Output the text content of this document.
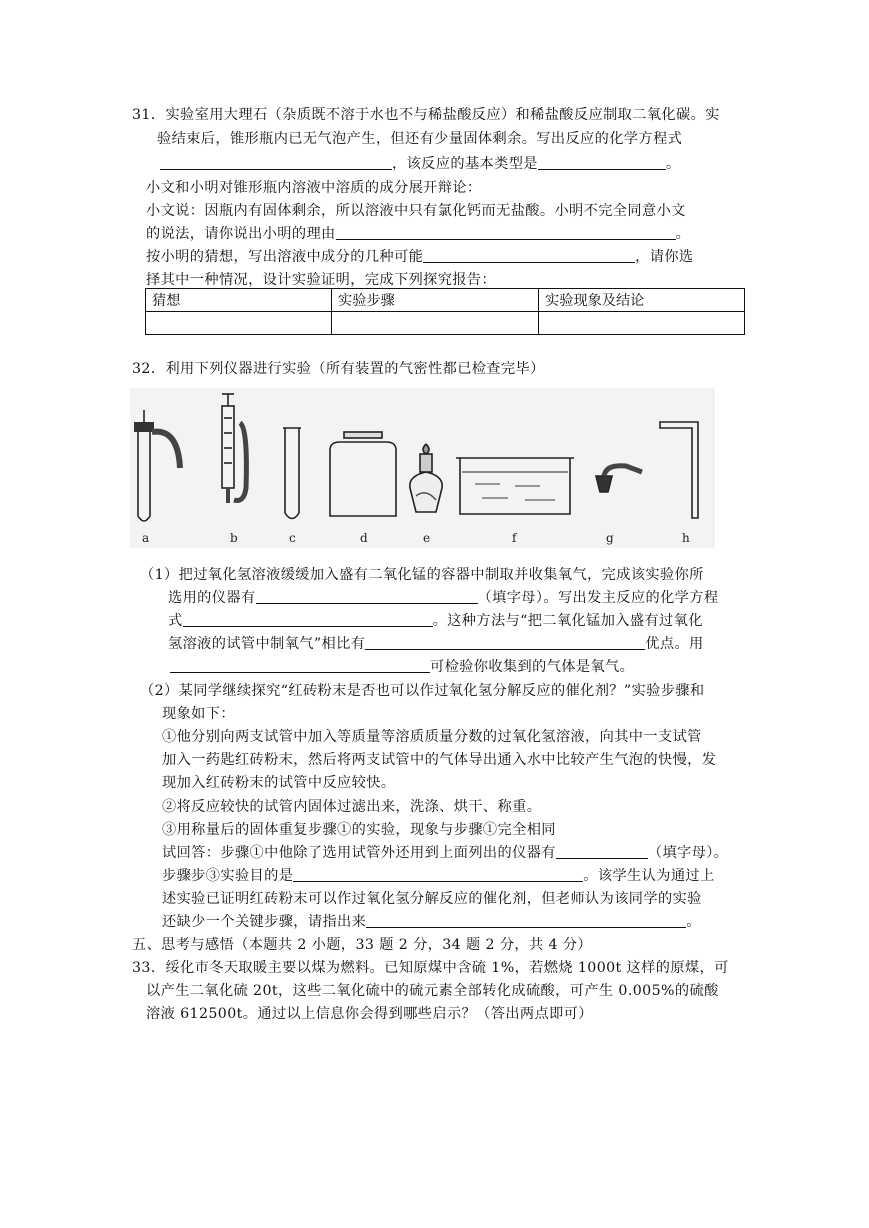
31．实验室用大理石（杂质既不溶于水也不与稀盐酸反应）和稀盐酸反应制取二氧化碳。实
验结束后，锥形瓶内已无气泡产生，但还有少量固体剩余。写出反应的化学方程式
，该反应的基本类型是	。
小文和小明对锥形瓶内溶液中溶质的成分展开辩论：
小文说：因瓶内有固体剩余，所以溶液中只有氯化钙而无盐酸。小明不完全同意小文
的说法，请你说出小明的理由	。
按小明的猜想，写出溶液中成分的几种可能	，请你选
择其中一种情况，设计实验证明，完成下列探究报告：
猜想	实验步骤	实验现象及结论

32．利用下列仪器进行实验（所有装置的气密性都已检查完毕）
a	b	c	d	e	f	g	h
（1）把过氧化氢溶液缓缓加入盛有二氧化锰的容器中制取并收集氧气，完成该实验你所
选用的仪器有	（填字母）。写出发主反应的化学方程
式	。这种方法与“把二氧化锰加入盛有过氧化
氢溶液的试管中制氧气”相比有	优点。用
可检验你收集到的气体是氧气。
（2）某同学继续探究“红砖粉末是否也可以作过氧化氢分解反应的催化剂？”实验步骤和
现象如下：
①他分别向两支试管中加入等质量等溶质质量分数的过氧化氢溶液，向其中一支试管
加入一药匙红砖粉末，然后将两支试管中的气体导出通入水中比较产生气泡的快慢，发
现加入红砖粉末的试管中反应较快。
②将反应较快的试管内固体过滤出来，洗涤、烘干、称重。
③用称量后的固体重复步骤①的实验，现象与步骤①完全相同
试回答：步骤①中他除了选用试管外还用到上面列出的仪器有	（填字母）。
步骤步③实验目的是	。该学生认为通过上
述实验已证明红砖粉末可以作过氧化氢分解反应的催化剂，但老师认为该同学的实验
还缺少一个关键步骤，请指出来	。
五、思考与感悟（本题共 2 小题，33 题 2 分，34 题 2 分，共 4 分）
33．绥化市冬天取暖主要以煤为燃料。已知原煤中含硫 1%，若燃烧 1000t 这样的原煤，可
以产生二氧化硫 20t，这些二氧化硫中的硫元素全部转化成硫酸，可产生 0.005%的硫酸
溶液 612500t。通过以上信息你会得到哪些启示？（答出两点即可）
